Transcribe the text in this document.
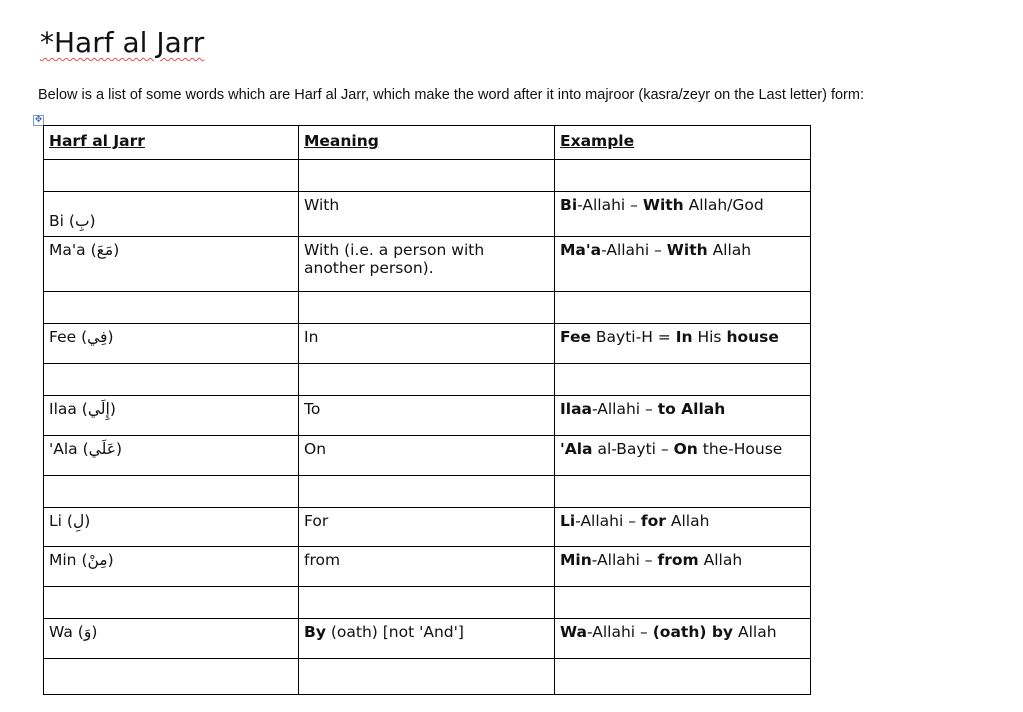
*Harf al Jarr

Below is a list of some words which are Harf al Jarr, which make the word after it into majroor (kasra/zeyr on the Last letter) form:

✥
Harf al Jarr	Meaning	Example

Bi (بِ)	With	Bi-Allahi – With Allah/God
Ma'a (مَعَ)	With (i.e. a person with another person).	Ma'a-Allahi – With Allah

Fee (فِي)	In	Fee Bayti-H = In His house

Ilaa (إِلَي)	To	Ilaa-Allahi – to Allah
'Ala (عَلَي)	On	'Ala al-Bayti – On the-House

Li (لِ)	For	Li-Allahi – for Allah
Min (مِنْ)	from	Min-Allahi – from Allah

Wa (وَ)	By (oath) [not 'And']	Wa-Allahi – (oath) by Allah
